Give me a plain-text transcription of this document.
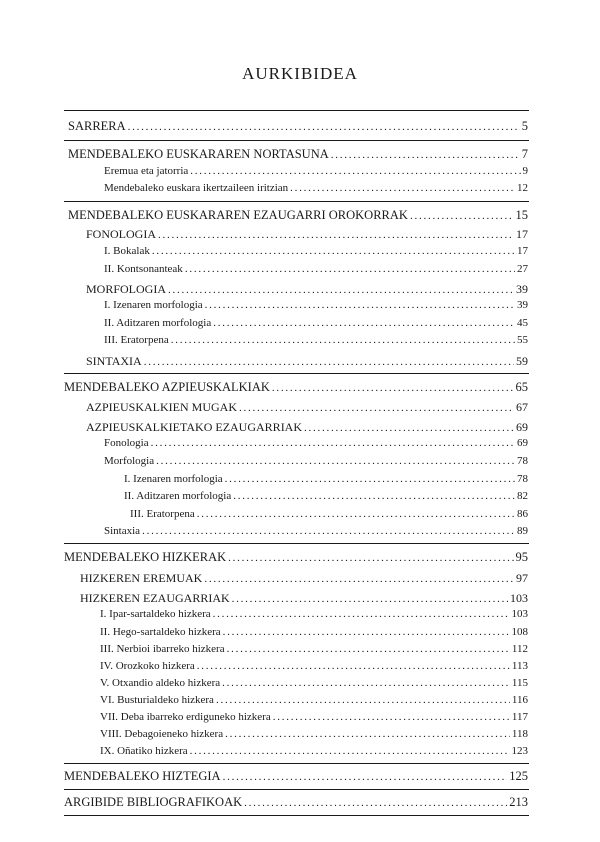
AURKIBIDEA
SARRERA . . .	5
MENDEBALEKO EUSKARAREN NORTASUNA . . .	7
Eremua eta jatorria . . .	9
Mendebaleko euskara ikertzaileen iritzian . . .	12
MENDEBALEKO EUSKARAREN EZAUGARRI OROKORRAK . . .	15
FONOLOGIA . . .	17
I. Bokalak . . .	17
II. Kontsonanteak . . .	27
MORFOLOGIA . . .	39
I. Izenaren morfologia . . .	39
II. Aditzaren morfologia . . .	45
III. Eratorpena . . .	55
SINTAXIA . . .	59
MENDEBALEKO AZPIEUSKALKIAK . . .	65
AZPIEUSKALKIEN MUGAK . . .	67
AZPIEUSKALKIETAKO EZAUGARRIAK . . .	69
Fonologia . . .	69
Morfologia . . .	78
I. Izenaren morfologia . . .	78
II. Aditzaren morfologia . . .	82
III. Eratorpena . . .	86
Sintaxia . . .	89
MENDEBALEKO HIZKERAK . . .	95
HIZKEREN EREMUAK . . .	97
HIZKEREN EZAUGARRIAK . . .	103
I. Ipar-sartaldeko hizkera . . .	103
II. Hego-sartaldeko hizkera . . .	108
III. Nerbioi ibarreko hizkera . . .	112
IV. Orozkoko hizkera . . .	113
V. Otxandio aldeko hizkera . . .	115
VI. Busturialdeko hizkera . . .	116
VII. Deba ibarreko erdiguneko hizkera . . .	117
VIII. Debagoieneko hizkera . . .	118
IX. Oñatiko hizkera . . .	123
MENDEBALEKO HIZTEGIA . . .	125
ARGIBIDE BIBLIOGRAFIKOAK . . .	213
